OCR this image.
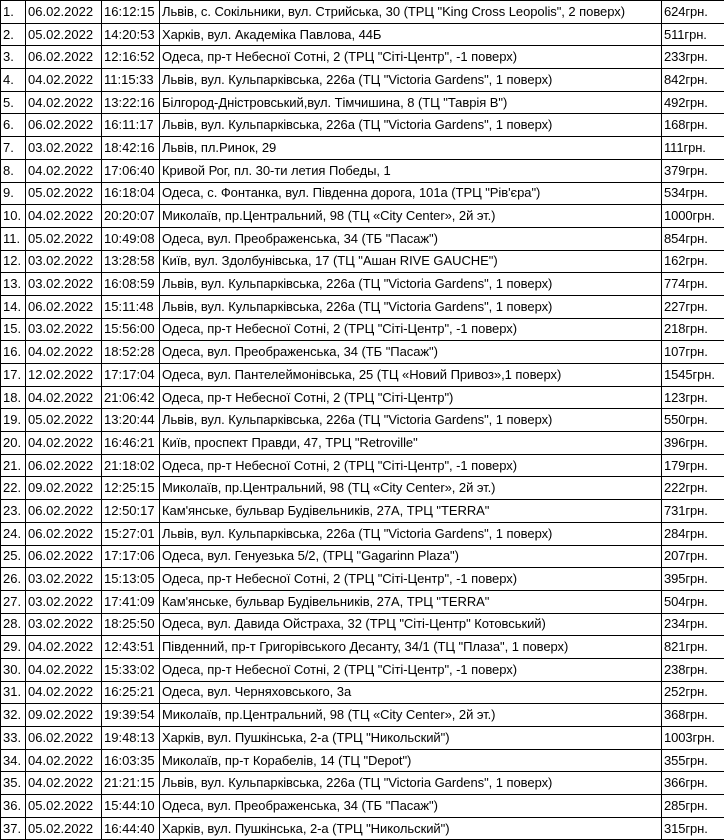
1.	06.02.2022	16:12:15	Львів, с. Сокільники, вул. Стрийська, 30 (ТРЦ "King Cross Leopolis", 2 поверх)	624грн.
2.	05.02.2022	14:20:53	Харків, вул. Академіка Павлова, 44Б	511грн.
3.	06.02.2022	12:16:52	Одеса, пр-т Небесної Сотні, 2 (ТРЦ "Сіті-Центр", -1 поверх)	233грн.
4.	04.02.2022	11:15:33	Львів, вул. Кульпарківська, 226а (ТЦ "Victoria Gardens", 1 поверх)	842грн.
5.	04.02.2022	13:22:16	Білгород-Дністровський,вул. Тімчишина, 8 (ТЦ "Таврія В")	492грн.
6.	06.02.2022	16:11:17	Львів, вул. Кульпарківська, 226а (ТЦ "Victoria Gardens", 1 поверх)	168грн.
7.	03.02.2022	18:42:16	Львів, пл.Ринок, 29	111грн.
8.	04.02.2022	17:06:40	Кривой Рог, пл. 30-ти летия Победы, 1	379грн.
9.	05.02.2022	16:18:04	Одеса, с. Фонтанка, вул. Південна дорога, 101а (ТРЦ "Рів'єра")	534грн.
10.	04.02.2022	20:20:07	Миколаїв, пр.Центральний, 98 (ТЦ «City Center», 2й эт.)	1000грн.
11.	05.02.2022	10:49:08	Одеса, вул. Преображенська, 34 (ТБ "Пасаж")	854грн.
12.	03.02.2022	13:28:58	Київ, вул. Здолбунівська, 17 (ТЦ "Ашан RIVE GAUCHE")	162грн.
13.	03.02.2022	16:08:59	Львів, вул. Кульпарківська, 226а (ТЦ "Victoria Gardens", 1 поверх)	774грн.
14.	06.02.2022	15:11:48	Львів, вул. Кульпарківська, 226а (ТЦ "Victoria Gardens", 1 поверх)	227грн.
15.	03.02.2022	15:56:00	Одеса, пр-т Небесної Сотні, 2 (ТРЦ "Сіті-Центр", -1 поверх)	218грн.
16.	04.02.2022	18:52:28	Одеса, вул. Преображенська, 34 (ТБ "Пасаж")	107грн.
17.	12.02.2022	17:17:04	Одеса, вул. Пантелеймонівська, 25 (ТЦ «Новий Привоз»,1 поверх)	1545грн.
18.	04.02.2022	21:06:42	Одеса, пр-т Небесної Сотні, 2 (ТРЦ "Сіті-Центр")	123грн.
19.	05.02.2022	13:20:44	Львів, вул. Кульпарківська, 226а (ТЦ "Victoria Gardens", 1 поверх)	550грн.
20.	04.02.2022	16:46:21	Київ, проспект Правди, 47, ТРЦ "Retroville"	396грн.
21.	06.02.2022	21:18:02	Одеса, пр-т Небесної Сотні, 2 (ТРЦ "Сіті-Центр", -1 поверх)	179грн.
22.	09.02.2022	12:25:15	Миколаїв, пр.Центральний, 98 (ТЦ «City Center», 2й эт.)	222грн.
23.	06.02.2022	12:50:17	Кам'янське, бульвар Будівельників, 27А, ТРЦ "TERRA"	731грн.
24.	06.02.2022	15:27:01	Львів, вул. Кульпарківська, 226а (ТЦ "Victoria Gardens", 1 поверх)	284грн.
25.	06.02.2022	17:17:06	Одеса, вул. Генуезька 5/2, (ТРЦ "Gagarinn Plaza")	207грн.
26.	03.02.2022	15:13:05	Одеса, пр-т Небесної Сотні, 2 (ТРЦ "Сіті-Центр", -1 поверх)	395грн.
27.	03.02.2022	17:41:09	Кам'янське, бульвар Будівельників, 27А, ТРЦ "TERRA"	504грн.
28.	03.02.2022	18:25:50	Одеса, вул. Давида Ойстраха, 32 (ТРЦ "Сіті-Центр" Котовський)	234грн.
29.	04.02.2022	12:43:51	Південний, пр-т Григорівського Десанту, 34/1 (ТЦ "Плаза", 1 поверх)	821грн.
30.	04.02.2022	15:33:02	Одеса, пр-т Небесної Сотні, 2 (ТРЦ "Сіті-Центр", -1 поверх)	238грн.
31.	04.02.2022	16:25:21	Одеса, вул. Черняховського, 3а	252грн.
32.	09.02.2022	19:39:54	Миколаїв, пр.Центральний, 98 (ТЦ «City Center», 2й эт.)	368грн.
33.	06.02.2022	19:48:13	Харків, вул. Пушкінська, 2-а (ТРЦ "Никольский")	1003грн.
34.	04.02.2022	16:03:35	Миколаїв, пр-т Корабелів, 14 (ТЦ "Depot")	355грн.
35.	04.02.2022	21:21:15	Львів, вул. Кульпарківська, 226а (ТЦ "Victoria Gardens", 1 поверх)	366грн.
36.	05.02.2022	15:44:10	Одеса, вул. Преображенська, 34 (ТБ "Пасаж")	285грн.
37.	05.02.2022	16:44:40	Харків, вул. Пушкінська, 2-а (ТРЦ "Никольский")	315грн.
